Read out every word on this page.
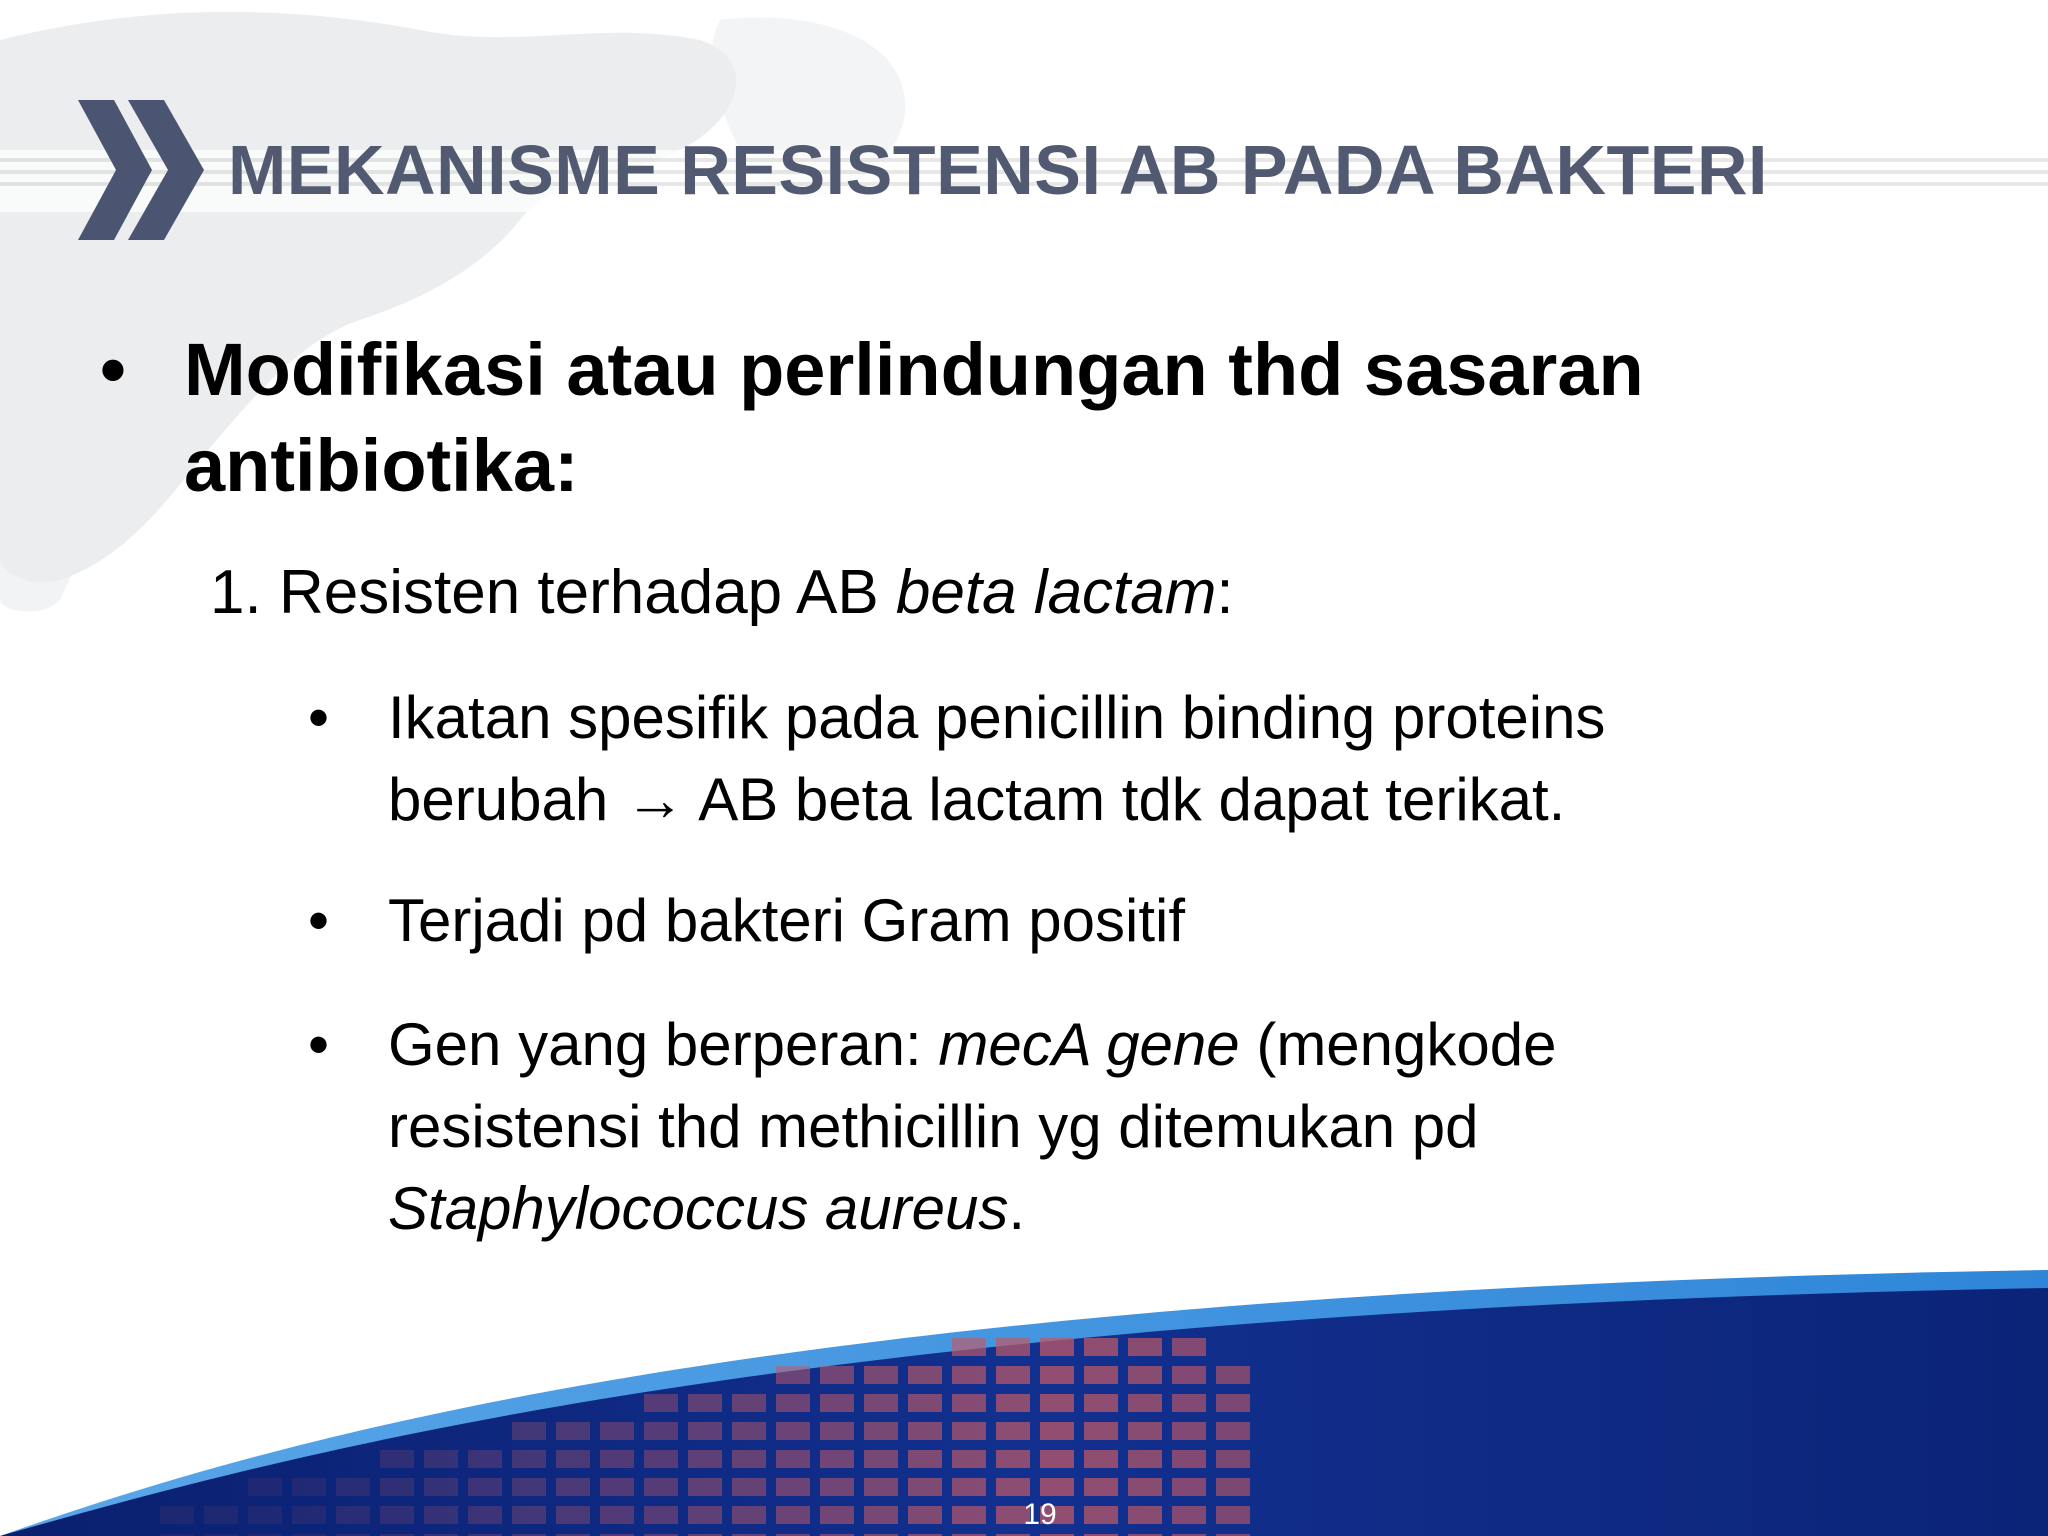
MEKANISME RESISTENSI AB PADA BAKTERI
• Modifikasi atau perlindungan thd sasaran antibiotika:
1. Resisten terhadap AB beta lactam:
• Ikatan spesifik pada penicillin binding proteins berubah → AB beta lactam tdk dapat terikat.
• Terjadi pd bakteri Gram positif
• Gen yang berperan: mecA gene (mengkode resistensi thd methicillin yg ditemukan pd Staphylococcus aureus.
19
